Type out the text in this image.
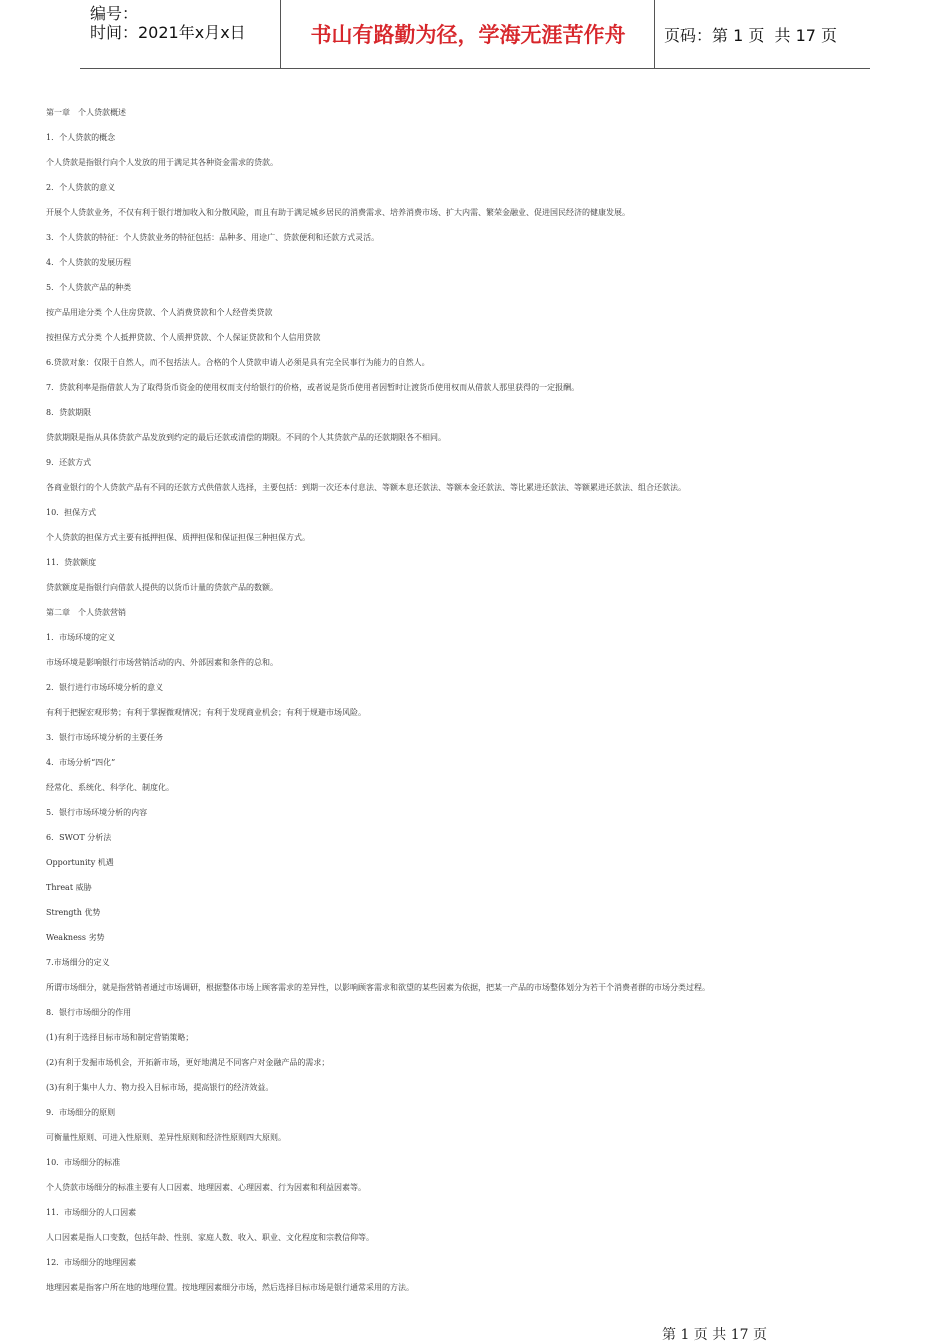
编号：
时间：2021年x月x日	书山有路勤为径，学海无涯苦作舟	页码：第 1 页  共 17 页
第一章　个人贷款概述
1．个人贷款的概念
个人贷款是指银行向个人发放的用于满足其各种资金需求的贷款。
2．个人贷款的意义
开展个人贷款业务，不仅有利于银行增加收入和分散风险，而且有助于满足城乡居民的消费需求、培养消费市场、扩大内需、繁荣金融业、促进国民经济的健康发展。
3．个人贷款的特征：个人贷款业务的特征包括：品种多、用途广、贷款便利和还款方式灵活。
4．个人贷款的发展历程
5．个人贷款产品的种类
按产品用途分类 个人住房贷款、个人消费贷款和个人经营类贷款
按担保方式分类 个人抵押贷款、个人质押贷款、个人保证贷款和个人信用贷款
6.贷款对象：仅限于自然人，而不包括法人。合格的个人贷款申请人必须是具有完全民事行为能力的自然人。
7．贷款利率是指借款人为了取得货币资金的使用权而支付给银行的价格，或者说是货币使用者因暂时让渡货币使用权而从借款人那里获得的一定报酬。
8．贷款期限
贷款期限是指从具体贷款产品发放到约定的最后还款或清偿的期限。不同的个人其贷款产品的还款期限各不相同。
9．还款方式
各商业银行的个人贷款产品有不同的还款方式供借款人选择，主要包括：到期一次还本付息法、等额本息还款法、等额本金还款法、等比累进还款法、等额累进还款法、组合还款法。
10．担保方式
个人贷款的担保方式主要有抵押担保、质押担保和保证担保三种担保方式。
11．贷款额度
贷款额度是指银行向借款人提供的以货币计量的贷款产品的数额。
第二章　个人贷款营销
1．市场环境的定义
市场环境是影响银行市场营销活动的内、外部因素和条件的总和。
2．银行进行市场环境分析的意义
有利于把握宏观形势；有利于掌握微观情况；有利于发现商业机会；有利于规避市场风险。
3．银行市场环境分析的主要任务
4．市场分析“四化”
经常化、系统化、科学化、制度化。
5．银行市场环境分析的内容
6．SWOT 分析法
Opportunity 机遇
Threat 威胁
Strength 优势
Weakness 劣势
7.市场细分的定义
所谓市场细分，就是指营销者通过市场调研，根据整体市场上顾客需求的差异性，以影响顾客需求和欲望的某些因素为依据，把某一产品的市场整体划分为若干个消费者群的市场分类过程。
8．银行市场细分的作用
(1)有利于选择目标市场和制定营销策略；
(2)有利于发掘市场机会，开拓新市场，更好地满足不同客户对金融产品的需求；
(3)有利于集中人力、物力投入目标市场，提高银行的经济效益。
9．市场细分的原则
可衡量性原则、可进入性原则、差异性原则和经济性原则四大原则。
10．市场细分的标准
个人贷款市场细分的标准主要有人口因素、地理因素、心理因素、行为因素和利益因素等。
11．市场细分的人口因素
人口因素是指人口变数，包括年龄、性别、家庭人数、收入、职业、文化程度和宗教信仰等。
12．市场细分的地理因素
地理因素是指客户所在地的地理位置。按地理因素细分市场，然后选择目标市场是银行通常采用的方法。
第 1 页 共 17 页
